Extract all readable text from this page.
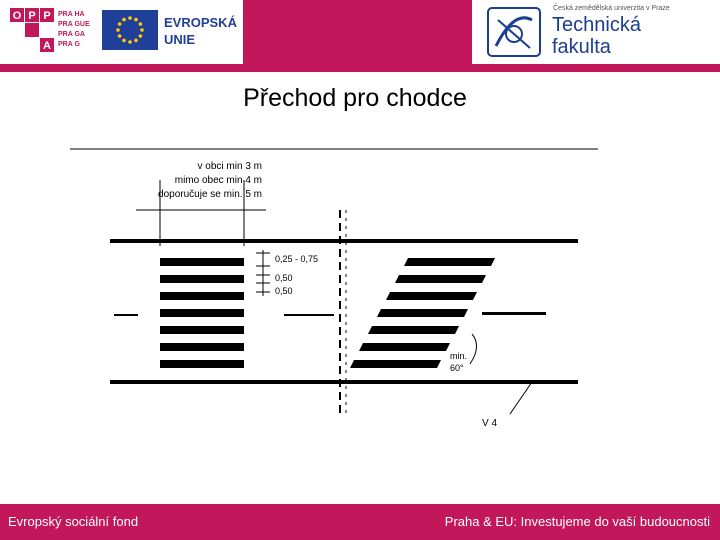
O P P
A
PRA HA
PRA GUE
PRA GA
PRA G
EVROPSKÁ
UNIE
Česká zemědělská univerzita v Praze
Technická
fakulta
Přechod pro chodce
v obci min 3 m
mimo obec min 4 m
doporučuje se min. 5 m
0,25 - 0,75
0,50
0,50
min.
60°
V 4
Evropský sociální fond	Praha & EU: Investujeme do vaší budoucnosti
